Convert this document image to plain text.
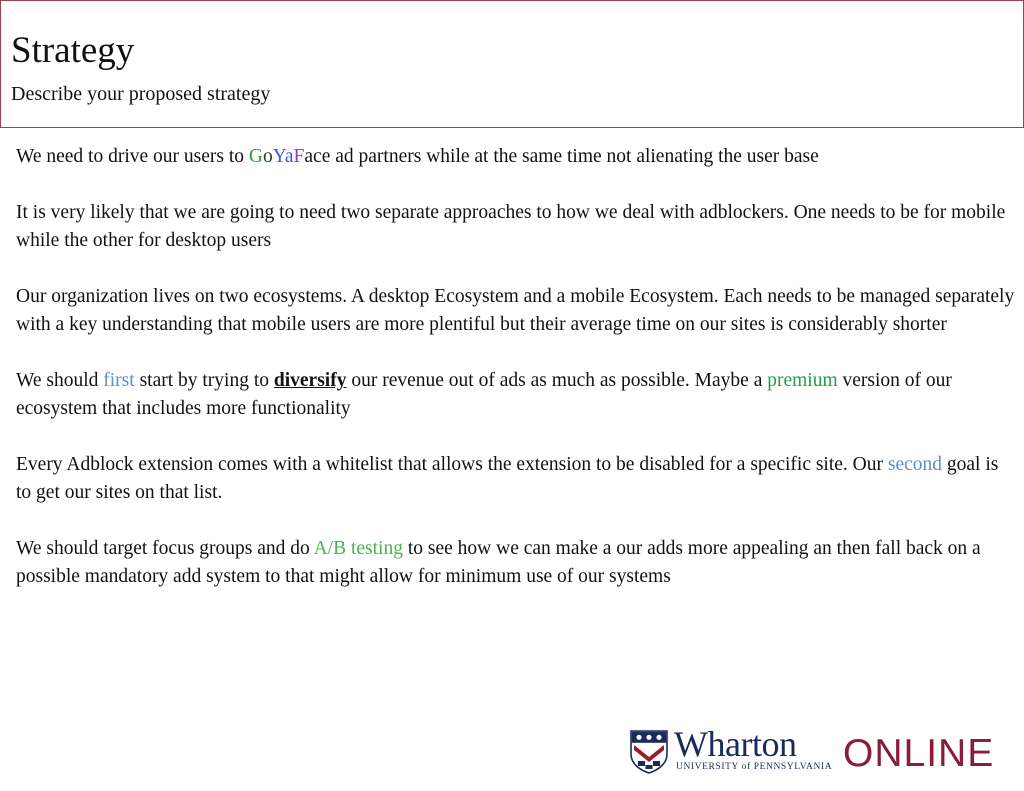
Strategy
Describe your proposed strategy

We need to drive our users to GoYaFace ad partners while at the same time not alienating the user base

It is very likely that we are going to need two separate approaches to how we deal with adblockers. One needs to be for mobile while the other for desktop users

Our organization lives on two ecosystems. A desktop Ecosystem and a mobile Ecosystem. Each needs to be managed separately with a key understanding that mobile users are more plentiful but their average time on our sites is considerably shorter

We should first start by trying to diversify our revenue out of ads as much as possible. Maybe a premium version of our ecosystem that includes more functionality

Every Adblock extension comes with a whitelist that allows the extension to be disabled for a specific site. Our second goal is to get our sites on that list.

We should target focus groups and do A/B testing to see how we can make a our adds more appealing an then fall back on a possible mandatory add system to that might allow for minimum use of our systems

Wharton
UNIVERSITY of PENNSYLVANIA ONLINE
